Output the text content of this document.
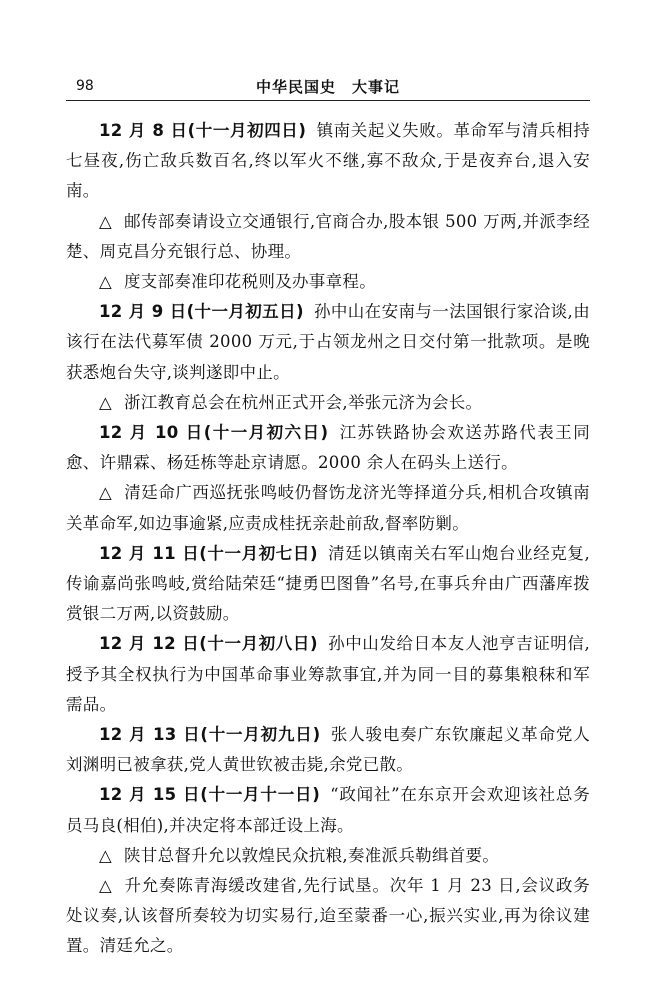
98	中华民国史　大事记

12 月 8 日(十一月初四日) 镇南关起义失败。革命军与清兵相持七昼夜,伤亡敌兵数百名,终以军火不继,寡不敌众,于是夜弃台,退入安南。

△ 邮传部奏请设立交通银行,官商合办,股本银 500 万两,并派李经楚、周克昌分充银行总、协理。

△ 度支部奏准印花税则及办事章程。

12 月 9 日(十一月初五日) 孙中山在安南与一法国银行家洽谈,由该行在法代募军债 2000 万元,于占领龙州之日交付第一批款项。是晚获悉炮台失守,谈判遂即中止。

△ 浙江教育总会在杭州正式开会,举张元济为会长。

12 月 10 日(十一月初六日) 江苏铁路协会欢送苏路代表王同愈、许鼎霖、杨廷栋等赴京请愿。2000 余人在码头上送行。

△ 清廷命广西巡抚张鸣岐仍督饬龙济光等择道分兵,相机合攻镇南关革命军,如边事逾紧,应责成桂抚亲赴前敌,督率防剿。

12 月 11 日(十一月初七日) 清廷以镇南关右军山炮台业经克复,传谕嘉尚张鸣岐,赏给陆荣廷“捷勇巴图鲁”名号,在事兵弁由广西藩库拨赏银二万两,以资鼓励。

12 月 12 日(十一月初八日) 孙中山发给日本友人池亨吉证明信,授予其全权执行为中国革命事业筹款事宜,并为同一目的募集粮秣和军需品。

12 月 13 日(十一月初九日) 张人骏电奏广东钦廉起义革命党人刘渊明已被拿获,党人黄世钦被击毙,余党已散。

12 月 15 日(十一月十一日) “政闻社”在东京开会欢迎该社总务员马良(相伯),并决定将本部迁设上海。

△ 陕甘总督升允以敦煌民众抗粮,奏准派兵勒缉首要。

△ 升允奏陈青海缓改建省,先行试垦。次年 1 月 23 日,会议政务处议奏,认该督所奏较为切实易行,迨至蒙番一心,振兴实业,再为徐议建置。清廷允之。
